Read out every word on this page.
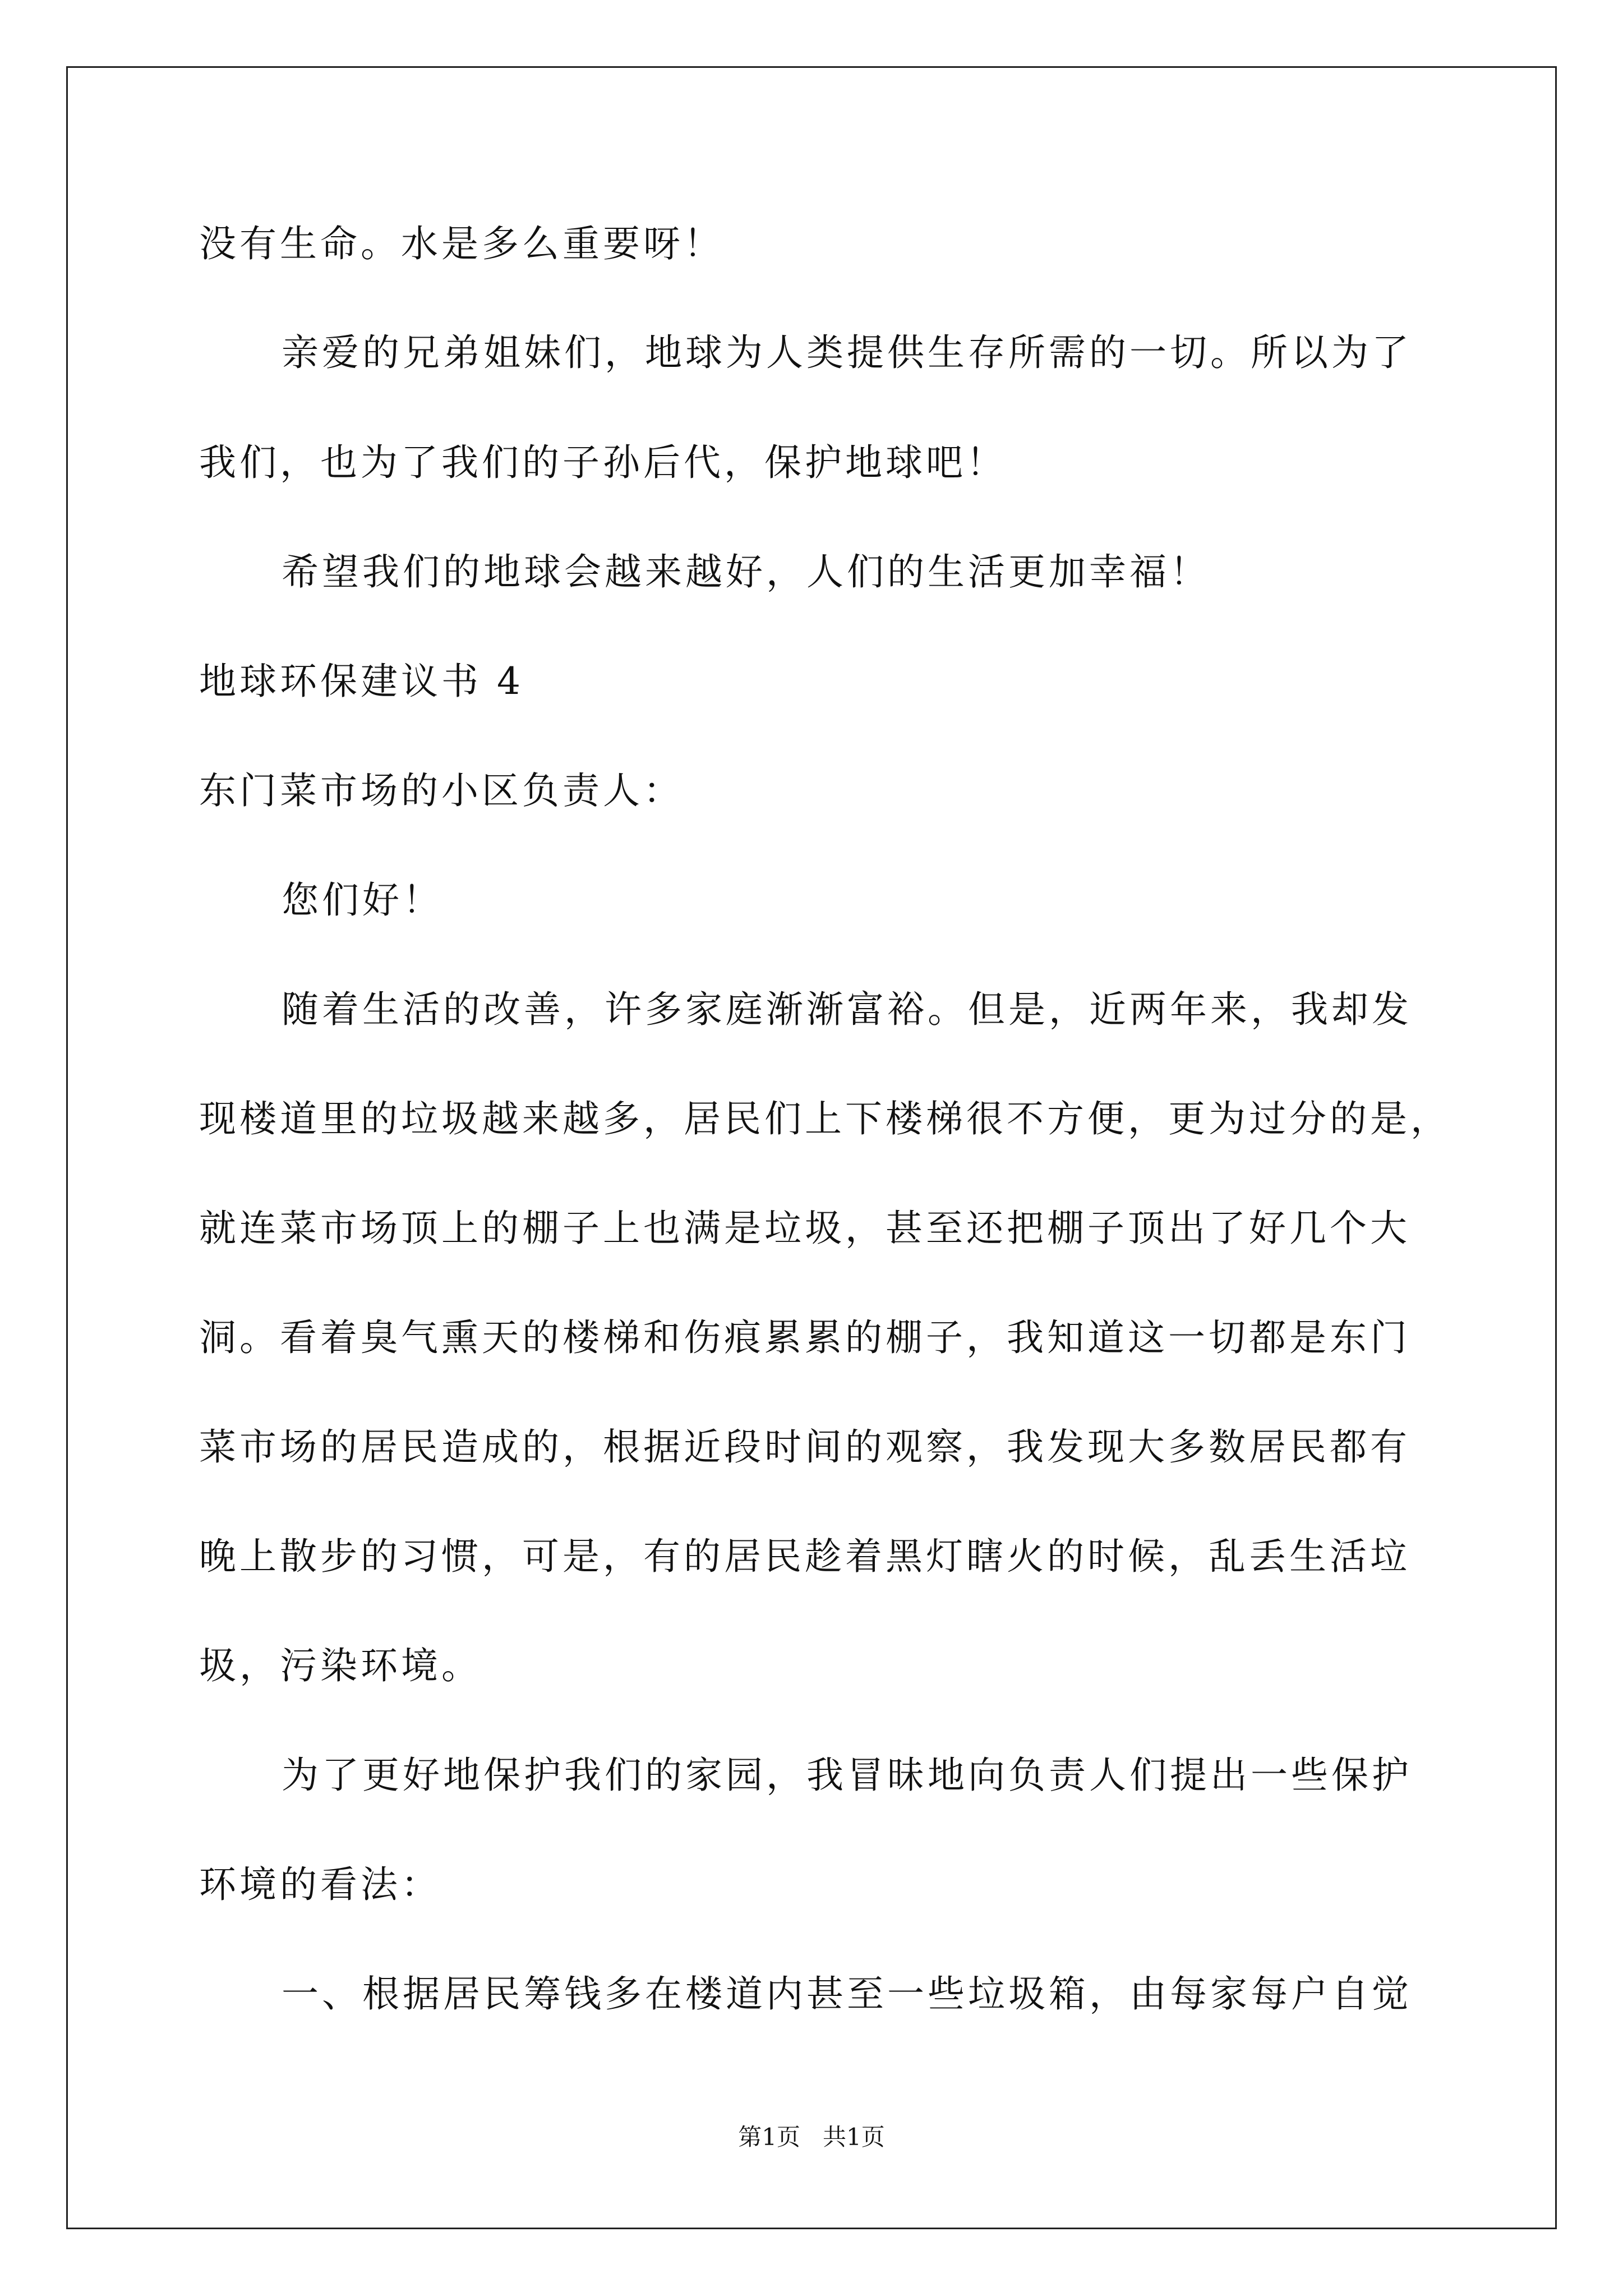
没有生命。水是多么重要呀！
亲爱的兄弟姐妹们，地球为人类提供生存所需的一切。所以为了
我们，也为了我们的子孙后代，保护地球吧！
希望我们的地球会越来越好，人们的生活更加幸福！
地球环保建议书 4
东门菜市场的小区负责人：
您们好！
随着生活的改善，许多家庭渐渐富裕。但是，近两年来，我却发
现楼道里的垃圾越来越多，居民们上下楼梯很不方便，更为过分的是，
就连菜市场顶上的棚子上也满是垃圾，甚至还把棚子顶出了好几个大
洞。看着臭气熏天的楼梯和伤痕累累的棚子，我知道这一切都是东门
菜市场的居民造成的，根据近段时间的观察，我发现大多数居民都有
晚上散步的习惯，可是，有的居民趁着黑灯瞎火的时候，乱丢生活垃
圾，污染环境。
为了更好地保护我们的家园，我冒昧地向负责人们提出一些保护
环境的看法：
一、根据居民筹钱多在楼道内甚至一些垃圾箱，由每家每户自觉
第1页   共1页
